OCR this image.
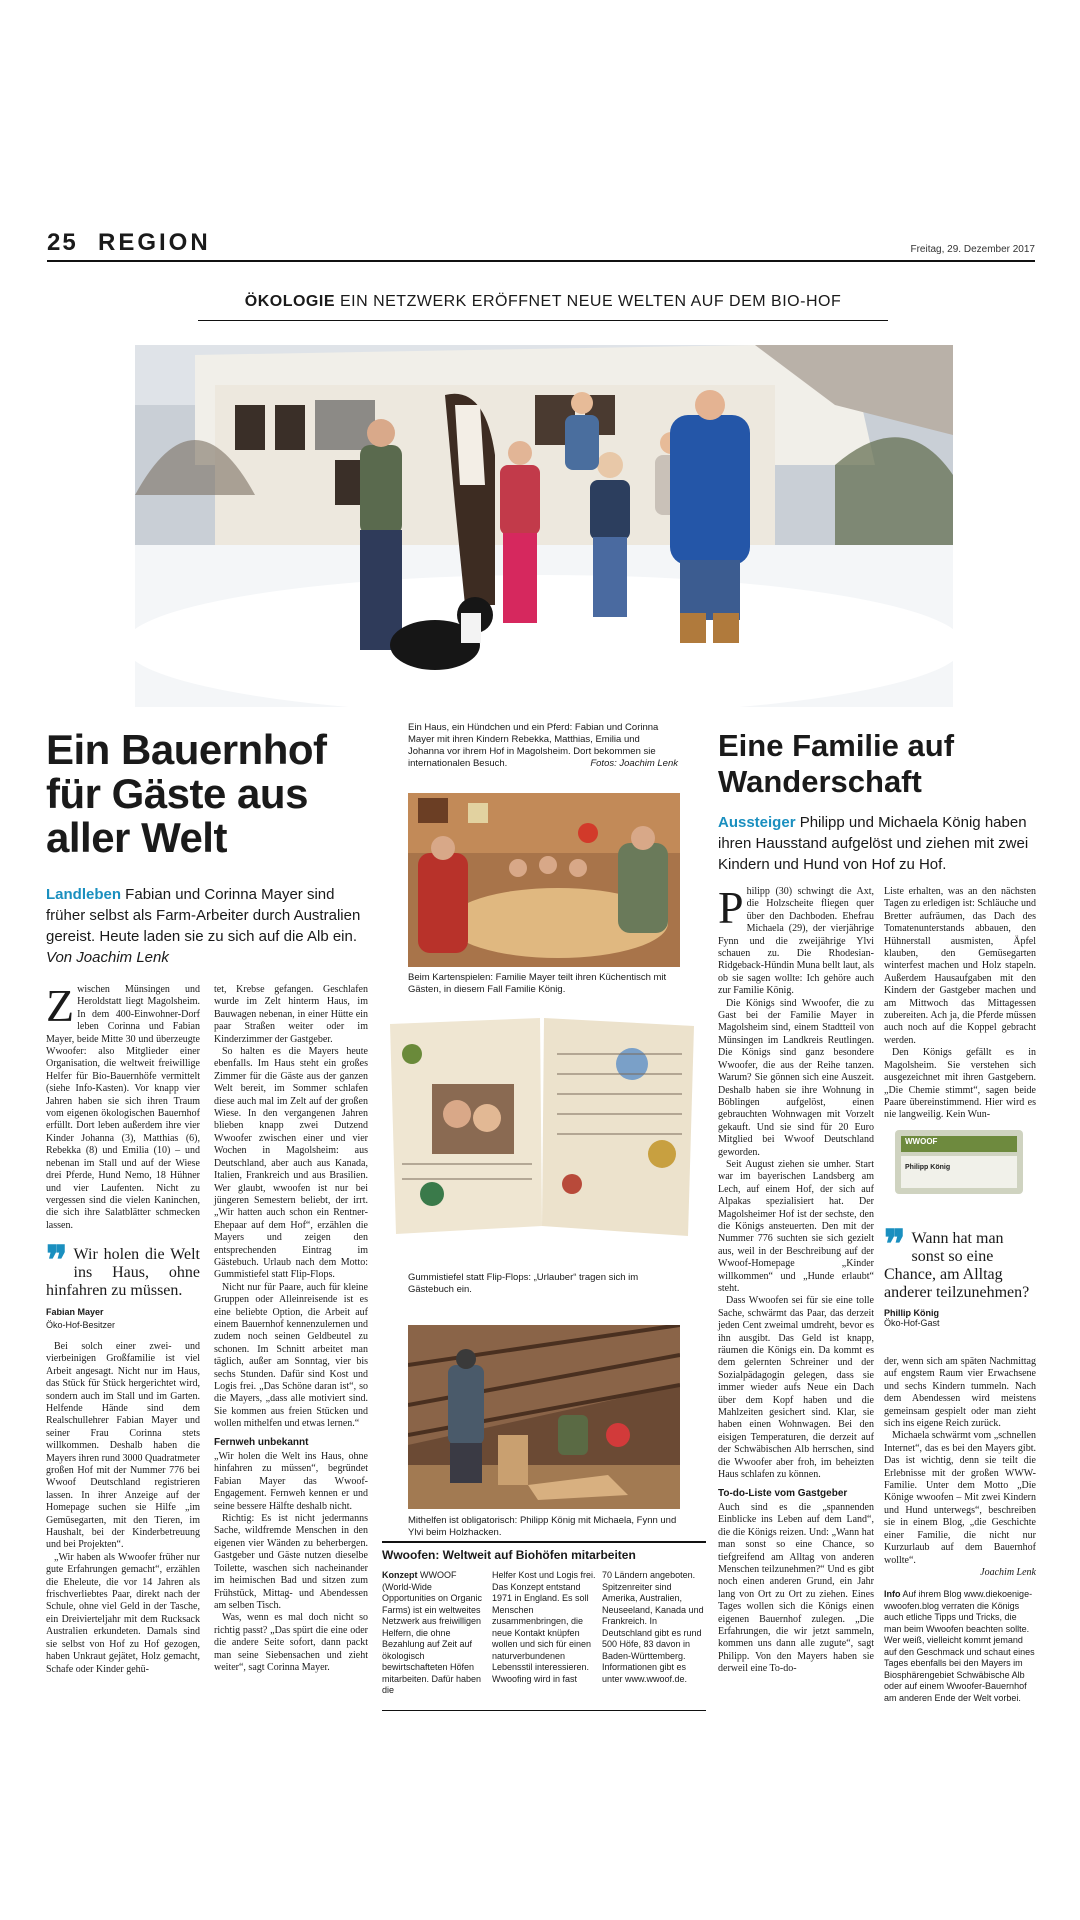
25 REGION	Freitag, 29. Dezember 2017
ÖKOLOGIE EIN NETZWERK ERÖFFNET NEUE WELTEN AUF DEM BIO-HOF
Ein Haus, ein Hündchen und ein Pferd: Fabian und Corinna Mayer mit ihren Kindern Rebekka, Matthias, Emilia und Johanna vor ihrem Hof in Magolsheim. Dort bekommen sie internationalen Besuch.	Fotos: Joachim Lenk
Ein Bauernhof für Gäste aus aller Welt
Landleben Fabian und Corinna Mayer sind früher selbst als Farm-Arbeiter durch Australien gereist. Heute laden sie zu sich auf die Alb ein. Von Joachim Lenk

Zwischen Münsingen und Heroldstatt liegt Magolsheim. In dem 400-Einwohner-Dorf leben Corinna und Fabian Mayer, beide Mitte 30 und überzeugte Wwoofer: also Mitglieder einer Organisation, die weltweit freiwillige Helfer für Bio-Bauernhöfe vermittelt (siehe Info-Kasten). Vor knapp vier Jahren haben sie sich ihren Traum vom eigenen ökologischen Bauernhof erfüllt. Dort leben außerdem ihre vier Kinder Johanna (3), Matthias (6), Rebekka (8) und Emilia (10) – und nebenan im Stall und auf der Wiese drei Pferde, Hund Nemo, 18 Hühner und vier Laufenten. Nicht zu vergessen sind die vielen Kaninchen, die sich ihre Salatblätter schmecken lassen.

❞ Wir holen die Welt ins Haus, ohne hinfahren zu müssen.
Fabian Mayer
Öko-Hof-Besitzer

Bei solch einer zwei- und vierbeinigen Großfamilie ist viel Arbeit angesagt. Nicht nur im Haus, das Stück für Stück hergerichtet wird, sondern auch im Stall und im Garten. Helfende Hände sind dem Realschullehrer Fabian Mayer und seiner Frau Corinna stets willkommen. Deshalb haben die Mayers ihren rund 3000 Quadratmeter großen Hof mit der Nummer 776 bei Wwoof Deutschland registrieren lassen. In ihrer Anzeige auf der Homepage suchen sie Hilfe „im Gemüsegarten, mit den Tieren, im Haushalt, bei der Kinderbetreuung und bei Projekten“.

„Wir haben als Wwoofer früher nur gute Erfahrungen gemacht“, erzählen die Eheleute, die vor 14 Jahren als frischverliebtes Paar, direkt nach der Schule, ohne viel Geld in der Tasche, ein Dreivierteljahr mit dem Rucksack Australien erkundeten. Damals sind sie selbst von Hof zu Hof gezogen, haben Unkraut gejätet, Holz gemacht, Schafe oder Kinder gehü-

tet, Krebse gefangen. Geschlafen wurde im Zelt hinterm Haus, im Bauwagen nebenan, in einer Hütte ein paar Straßen weiter oder im Kinderzimmer der Gastgeber.

So halten es die Mayers heute ebenfalls. Im Haus steht ein großes Zimmer für die Gäste aus der ganzen Welt bereit, im Sommer schlafen diese auch mal im Zelt auf der großen Wiese. In den vergangenen Jahren blieben knapp zwei Dutzend Wwoofer zwischen einer und vier Wochen in Magolsheim: aus Deutschland, aber auch aus Kanada, Italien, Frankreich und aus Brasilien. Wer glaubt, wwoofen ist nur bei jüngeren Semestern beliebt, der irrt. „Wir hatten auch schon ein Rentner-Ehepaar auf dem Hof“, erzählen die Mayers und zeigen den entsprechenden Eintrag im Gästebuch. Urlaub nach dem Motto: Gummistiefel statt Flip-Flops.

Nicht nur für Paare, auch für kleine Gruppen oder Alleinreisende ist es eine beliebte Option, die Arbeit auf einem Bauernhof kennenzulernen und zudem noch seinen Geldbeutel zu schonen. Im Schnitt arbeitet man täglich, außer am Sonntag, vier bis sechs Stunden. Dafür sind Kost und Logis frei. „Das Schöne daran ist“, so die Mayers, „dass alle motiviert sind. Sie kommen aus freien Stücken und wollen mithelfen und etwas lernen.“

Fernweh unbekannt

„Wir holen die Welt ins Haus, ohne hinfahren zu müssen“, begründet Fabian Mayer das Wwoof-Engagement. Fernweh kennen er und seine bessere Hälfte deshalb nicht.

Richtig: Es ist nicht jedermanns Sache, wildfremde Menschen in den eigenen vier Wänden zu beherbergen. Gastgeber und Gäste nutzen dieselbe Toilette, waschen sich nacheinander im heimischen Bad und sitzen zum Frühstück, Mittag- und Abendessen am selben Tisch.

Was, wenn es mal doch nicht so richtig passt? „Das spürt die eine oder die andere Seite sofort, dann packt man seine Siebensachen und zieht weiter“, sagt Corinna Mayer.

Beim Kartenspielen: Familie Mayer teilt ihren Küchentisch mit Gästen, in diesem Fall Familie König.
Gummistiefel statt Flip-Flops: „Urlauber“ tragen sich im Gästebuch ein.
Mithelfen ist obligatorisch: Philipp König mit Michaela, Fynn und Ylvi beim Holzhacken.
Wwoofen: Weltweit auf Biohöfen mitarbeiten
Konzept WWOOF (World-Wide Opportunities on Organic Farms) ist ein weltweites Netzwerk aus freiwilligen Helfern, die ohne Bezahlung auf Zeit auf ökologisch bewirtschafteten Höfen mitarbeiten. Dafür haben die
Helfer Kost und Logis frei. Das Konzept entstand 1971 in England. Es soll Menschen zusammenbringen, die neue Kontakt knüpfen wollen und sich für einen naturverbundenen Lebensstil interessieren. Wwoofing wird in fast
70 Ländern angeboten. Spitzenreiter sind Amerika, Australien, Neuseeland, Kanada und Frankreich. In Deutschland gibt es rund 500 Höfe, 83 davon in Baden-Württemberg. Informationen gibt es unter www.wwoof.de.
Eine Familie auf Wanderschaft
Aussteiger Philipp und Michaela König haben ihren Hausstand aufgelöst und ziehen mit zwei Kindern und Hund von Hof zu Hof.

Philipp (30) schwingt die Axt, die Holzscheite fliegen quer über den Dachboden. Ehefrau Michaela (29), der vierjährige Fynn und die zweijährige Ylvi schauen zu. Die Rhodesian-Ridgeback-Hündin Muna bellt laut, als ob sie sagen wollte: Ich gehöre auch zur Familie König.

Die Königs sind Wwoofer, die zu Gast bei der Familie Mayer in Magolsheim sind, einem Stadtteil von Münsingen im Landkreis Reutlingen. Die Königs sind ganz besondere Wwoofer, die aus der Reihe tanzen. Warum? Sie gönnen sich eine Auszeit. Deshalb haben sie ihre Wohnung in Böblingen aufgelöst, einen gebrauchten Wohnwagen mit Vorzelt gekauft. Und sie sind für 20 Euro Mitglied bei Wwoof Deutschland geworden.

Seit August ziehen sie umher. Start war im bayerischen Landsberg am Lech, auf einem Hof, der sich auf Alpakas spezialisiert hat. Der Magolsheimer Hof ist der sechste, den die Königs ansteuerten. Den mit der Nummer 776 suchten sie sich gezielt aus, weil in der Beschreibung auf der Wwoof-Homepage „Kinder willkommen“ und „Hunde erlaubt“ steht.

Dass Wwoofen sei für sie eine tolle Sache, schwärmt das Paar, das derzeit jeden Cent zweimal umdreht, bevor es ihn ausgibt. Das Geld ist knapp, räumen die Königs ein. Da kommt es dem gelernten Schreiner und der Sozialpädagogin gelegen, dass sie immer wieder aufs Neue ein Dach über dem Kopf haben und die Mahlzeiten gesichert sind. Klar, sie haben einen Wohnwagen. Bei den eisigen Temperaturen, die derzeit auf der Schwäbischen Alb herrschen, sind die Wwoofer aber froh, im beheizten Haus schlafen zu können.

To-do-Liste vom Gastgeber

Auch sind es die „spannenden Einblicke ins Leben auf dem Land“, die die Königs reizen. Und: „Wann hat man sonst so eine Chance, so tiefgreifend am Alltag von anderen Menschen teilzunehmen?“ Und es gibt noch einen anderen Grund, ein Jahr lang von Ort zu Ort zu ziehen. Eines Tages wollen sich die Königs einen eigenen Bauernhof zulegen. „Die Erfahrungen, die wir jetzt sammeln, kommen uns dann alle zugute“, sagt Philipp. Von den Mayers haben sie derweil eine To-do-

Liste erhalten, was an den nächsten Tagen zu erledigen ist: Schläuche und Bretter aufräumen, das Dach des Tomatenunterstands abbauen, den Hühnerstall ausmisten, Äpfel klauben, den Gemüsegarten winterfest machen und Holz stapeln. Außerdem Hausaufgaben mit den Kindern der Gastgeber machen und am Mittwoch das Mittagessen zubereiten. Ach ja, die Pferde müssen auch noch auf die Koppel gebracht werden.

Den Königs gefällt es in Magolsheim. Sie verstehen sich ausgezeichnet mit ihren Gastgebern. „Die Chemie stimmt“, sagen beide Paare übereinstimmend. Hier wird es nie langweilig. Kein Wun-

WWOOF
Philipp König
❞ Wann hat man sonst so eine Chance, am Alltag anderer teilzunehmen?
Phillip König
Öko-Hof-Gast

der, wenn sich am späten Nachmittag auf engstem Raum vier Erwachsene und sechs Kindern tummeln. Nach dem Abendessen wird meistens gemeinsam gespielt oder man zieht sich ins eigene Reich zurück.

Michaela schwärmt vom „schnellen Internet“, das es bei den Mayers gibt. Das ist wichtig, denn sie teilt die Erlebnisse mit der großen WWW-Familie. Unter dem Motto „Die Könige wwoofen – Mit zwei Kindern und Hund unterwegs“, beschreiben sie in einem Blog, „die Geschichte einer Familie, die nicht nur Kurzurlaub auf dem Bauernhof wollte“.

Joachim Lenk
Info Auf ihrem Blog www.diekoenige-wwoofen.blog verraten die Königs auch etliche Tipps und Tricks, die man beim Wwoofen beachten sollte. Wer weiß, vielleicht kommt jemand auf den Geschmack und schaut eines Tages ebenfalls bei den Mayers im Biosphärengebiet Schwäbische Alb oder auf einem Wwoofer-Bauernhof am anderen Ende der Welt vorbei.
